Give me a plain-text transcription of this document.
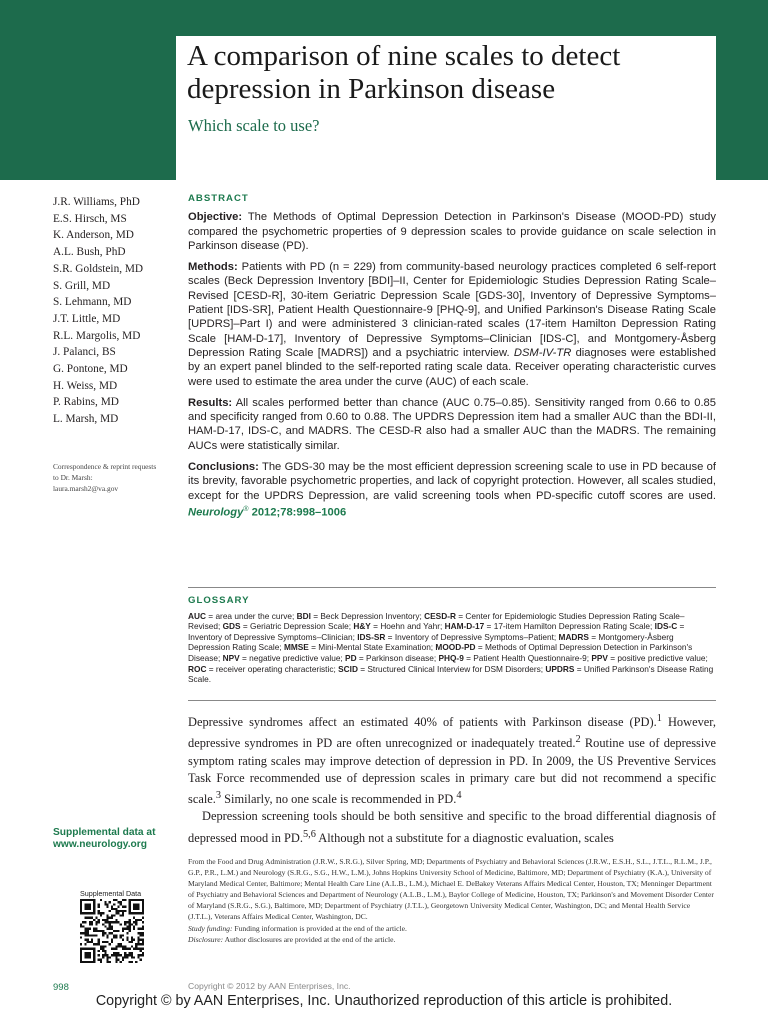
A comparison of nine scales to detect depression in Parkinson disease
Which scale to use?
J.R. Williams, PhD
E.S. Hirsch, MS
K. Anderson, MD
A.L. Bush, PhD
S.R. Goldstein, MD
S. Grill, MD
S. Lehmann, MD
J.T. Little, MD
R.L. Margolis, MD
J. Palanci, BS
G. Pontone, MD
H. Weiss, MD
P. Rabins, MD
L. Marsh, MD
Correspondence & reprint requests to Dr. Marsh: laura.marsh2@va.gov
ABSTRACT

Objective: The Methods of Optimal Depression Detection in Parkinson's Disease (MOOD-PD) study compared the psychometric properties of 9 depression scales to provide guidance on scale selection in Parkinson disease (PD).

Methods: Patients with PD (n = 229) from community-based neurology practices completed 6 self-report scales (Beck Depression Inventory [BDI]–II, Center for Epidemiologic Studies Depression Rating Scale–Revised [CESD-R], 30-item Geriatric Depression Scale [GDS-30], Inventory of Depressive Symptoms–Patient [IDS-SR], Patient Health Questionnaire-9 [PHQ-9], and Unified Parkinson's Disease Rating Scale [UPDRS]–Part I) and were administered 3 clinician-rated scales (17-item Hamilton Depression Rating Scale [HAM-D-17], Inventory of Depressive Symptoms–Clinician [IDS-C], and Montgomery-Åsberg Depression Rating Scale [MADRS]) and a psychiatric interview. DSM-IV-TR diagnoses were established by an expert panel blinded to the self-reported rating scale data. Receiver operating characteristic curves were used to estimate the area under the curve (AUC) of each scale.

Results: All scales performed better than chance (AUC 0.75–0.85). Sensitivity ranged from 0.66 to 0.85 and specificity ranged from 0.60 to 0.88. The UPDRS Depression item had a smaller AUC than the BDI-II, HAM-D-17, IDS-C, and MADRS. The CESD-R also had a smaller AUC than the MADRS. The remaining AUCs were statistically similar.

Conclusions: The GDS-30 may be the most efficient depression screening scale to use in PD because of its brevity, favorable psychometric properties, and lack of copyright protection. However, all scales studied, except for the UPDRS Depression, are valid screening tools when PD-specific cutoff scores are used. Neurology® 2012;78:998–1006

GLOSSARY
AUC = area under the curve; BDI = Beck Depression Inventory; CESD-R = Center for Epidemiologic Studies Depression Rating Scale–Revised; GDS = Geriatric Depression Scale; H&Y = Hoehn and Yahr; HAM-D-17 = 17-item Hamilton Depression Rating Scale; IDS-C = Inventory of Depressive Symptoms–Clinician; IDS-SR = Inventory of Depressive Symptoms–Patient; MADRS = Montgomery-Åsberg Depression Rating Scale; MMSE = Mini-Mental State Examination; MOOD-PD = Methods of Optimal Depression Detection in Parkinson's Disease; NPV = negative predictive value; PD = Parkinson disease; PHQ-9 = Patient Health Questionnaire-9; PPV = positive predictive value; ROC = receiver operating characteristic; SCID = Structured Clinical Interview for DSM Disorders; UPDRS = Unified Parkinson's Disease Rating Scale.

Depressive syndromes affect an estimated 40% of patients with Parkinson disease (PD).$^1$ However, depressive syndromes in PD are often unrecognized or inadequately treated.$^2$ Routine use of depressive symptom rating scales may improve detection of depression in PD. In 2009, the US Preventive Services Task Force recommended use of depression scales in primary care but did not recommend a specific scale.$^3$ Similarly, no one scale is recommended in PD.$^4$

Depression screening tools should be both sensitive and specific to the broad differential diagnosis of depressed mood in PD.$^{5,6}$ Although not a substitute for a diagnostic evaluation, scales

Supplemental data at
www.neurology.org
Supplemental Data

From the Food and Drug Administration (J.R.W., S.R.G.), Silver Spring, MD; Departments of Psychiatry and Behavioral Sciences (J.R.W., E.S.H., S.L., J.T.L., R.L.M., J.P., G.P., P.R., L.M.) and Neurology (S.R.G., S.G., H.W., L.M.), Johns Hopkins University School of Medicine, Baltimore, MD; Department of Psychiatry (K.A.), University of Maryland Medical Center, Baltimore; Mental Health Care Line (A.L.B., L.M.), Michael E. DeBakey Veterans Affairs Medical Center, Houston, TX; Menninger Department of Psychiatry and Behavioral Sciences and Department of Neurology (A.L.B., L.M.), Baylor College of Medicine, Houston, TX; Parkinson's and Movement Disorder Center of Maryland (S.R.G., S.G.), Baltimore, MD; Department of Psychiatry (J.T.L.), Georgetown University Medical Center, Washington, DC; and Mental Health Service (J.T.L.), Veterans Affairs Medical Center, Washington, DC.

Study funding: Funding information is provided at the end of the article.

Disclosure: Author disclosures are provided at the end of the article.

998	Copyright © 2012 by AAN Enterprises, Inc.
Copyright © by AAN Enterprises, Inc. Unauthorized reproduction of this article is prohibited.
